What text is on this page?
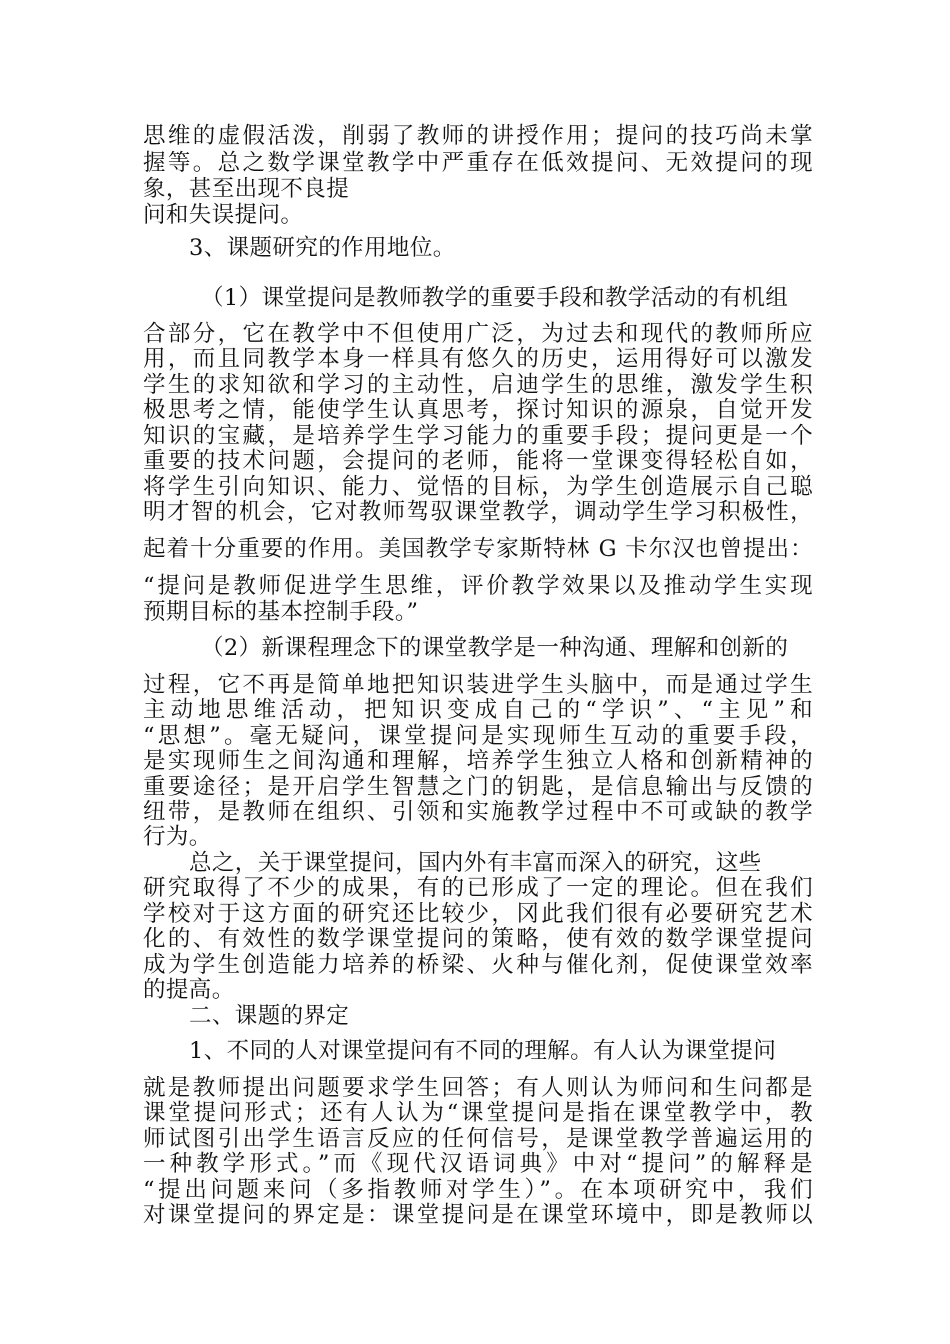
思维的虚假活泼，削弱了教师的讲授作用；提问的技巧尚未掌
握等。总之数学课堂教学中严重存在低效提问、无效提问的现
象，甚至出现不良提
问和失误提问。
3、课题研究的作用地位。
（1）课堂提问是教师教学的重要手段和教学活动的有机组
合部分，它在教学中不但使用广泛，为过去和现代的教师所应
用，而且同教学本身一样具有悠久的历史，运用得好可以激发
学生的求知欲和学习的主动性，启迪学生的思维，激发学生积
极思考之情，能使学生认真思考，探讨知识的源泉，自觉开发
知识的宝藏，是培养学生学习能力的重要手段；提问更是一个
重要的技术问题，会提问的老师，能将一堂课变得轻松自如，
将学生引向知识、能力、觉悟的目标，为学生创造展示自己聪
明才智的机会，它对教师驾驭课堂教学，调动学生学习积极性，
起着十分重要的作用。美国教学专家斯特林 G 卡尔汉也曾提出：
“提问是教师促进学生思维，评价教学效果以及推动学生实现
预期目标的基本控制手段。”
（2）新课程理念下的课堂教学是一种沟通、理解和创新的
过程，它不再是简单地把知识装进学生头脑中，而是通过学生
主动地思维活动，把知识变成自己的“学识”、“主见”和
“思想”。毫无疑问，课堂提问是实现师生互动的重要手段，
是实现师生之间沟通和理解，培养学生独立人格和创新精神的
重要途径；是开启学生智慧之门的钥匙，是信息输出与反馈的
纽带，是教师在组织、引领和实施教学过程中不可或缺的教学
行为。
总之，关于课堂提问，国内外有丰富而深入的研究，这些
研究取得了不少的成果，有的已形成了一定的理论。但在我们
学校对于这方面的研究还比较少，冈此我们很有必要研究艺术
化的、有效性的数学课堂提问的策略，使有效的数学课堂提问
成为学生创造能力培养的桥梁、火种与催化剂，促使课堂效率
的提高。
二、课题的界定
1、不同的人对课堂提问有不同的理解。有人认为课堂提问
就是教师提出问题要求学生回答；有人则认为师问和生问都是
课堂提问形式；还有人认为“课堂提问是指在课堂教学中，教
师试图引出学生语言反应的任何信号，是课堂教学普遍运用的
一种教学形式。”而《现代汉语词典》中对“提问”的解释是
“提出问题来问（多指教师对学生）”。在本项研究中，我们
对课堂提问的界定是：课堂提问是在课堂环境中，即是教师以
